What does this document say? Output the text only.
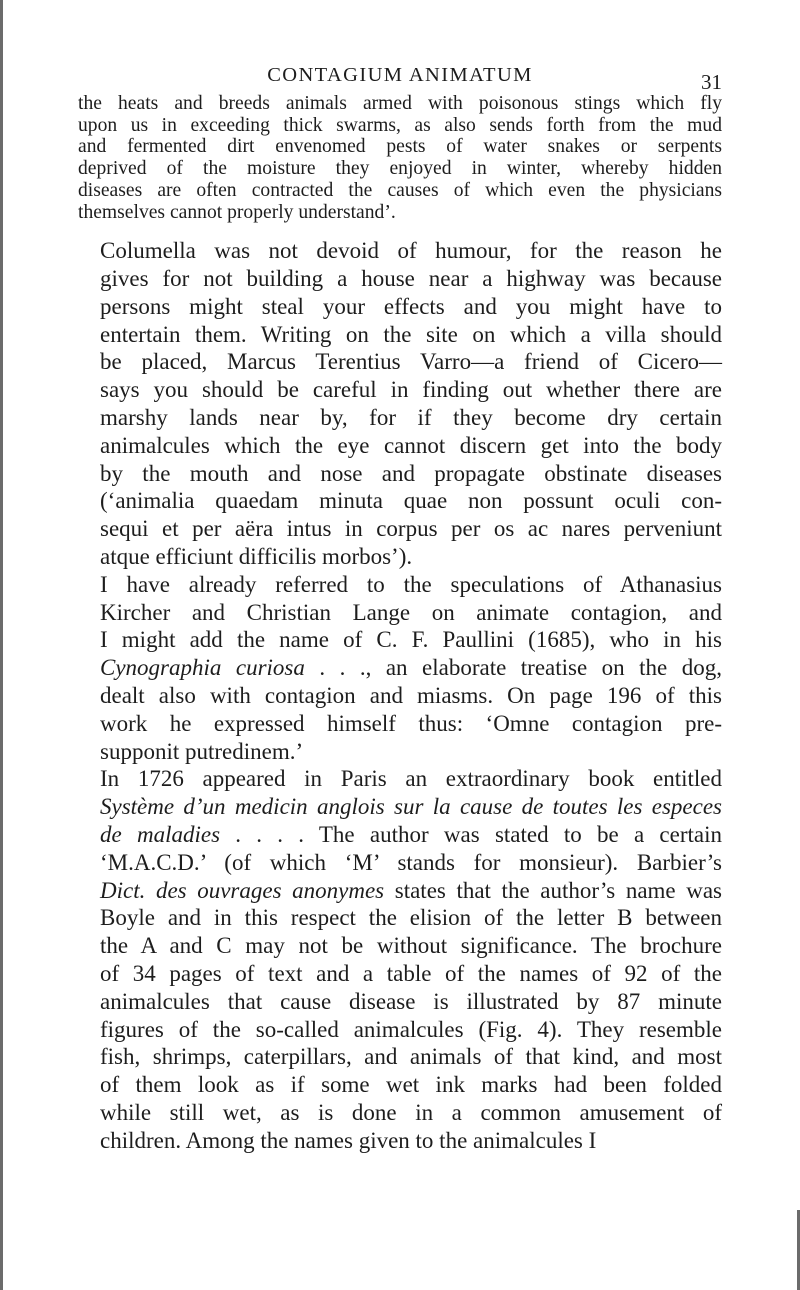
CONTAGIUM ANIMATUM	31

the heats and breeds animals armed with poisonous stings which fly
upon us in exceeding thick swarms, as also sends forth from the mud
and fermented dirt envenomed pests of water snakes or serpents
deprived of the moisture they enjoyed in winter, whereby hidden
diseases are often contracted the causes of which even the physicians
themselves cannot properly understand’.

Columella was not devoid of humour, for the reason he
gives for not building a house near a highway was because
persons might steal your effects and you might have to
entertain them. Writing on the site on which a villa should
be placed, Marcus Terentius Varro—a friend of Cicero—
says you should be careful in finding out whether there are
marshy lands near by, for if they become dry certain
animalcules which the eye cannot discern get into the body
by the mouth and nose and propagate obstinate diseases
(‘animalia quaedam minuta quae non possunt oculi con-
sequi et per aëra intus in corpus per os ac nares perveniunt
atque efficiunt difficilis morbos’).

I have already referred to the speculations of Athanasius
Kircher and Christian Lange on animate contagion, and
I might add the name of C. F. Paullini (1685), who in his
Cynographia curiosa . . ., an elaborate treatise on the dog,
dealt also with contagion and miasms. On page 196 of this
work he expressed himself thus: ‘Omne contagion pre-
supponit putredinem.’

In 1726 appeared in Paris an extraordinary book entitled
Système d’un medicin anglois sur la cause de toutes les especes
de maladies . . . . The author was stated to be a certain
‘M.A.C.D.’ (of which ‘M’ stands for monsieur). Barbier’s
Dict. des ouvrages anonymes states that the author’s name was
Boyle and in this respect the elision of the letter B between
the A and C may not be without significance. The brochure
of 34 pages of text and a table of the names of 92 of the
animalcules that cause disease is illustrated by 87 minute
figures of the so-called animalcules (Fig. 4). They resemble
fish, shrimps, caterpillars, and animals of that kind, and most
of them look as if some wet ink marks had been folded
while still wet, as is done in a common amusement of
children. Among the names given to the animalcules I
